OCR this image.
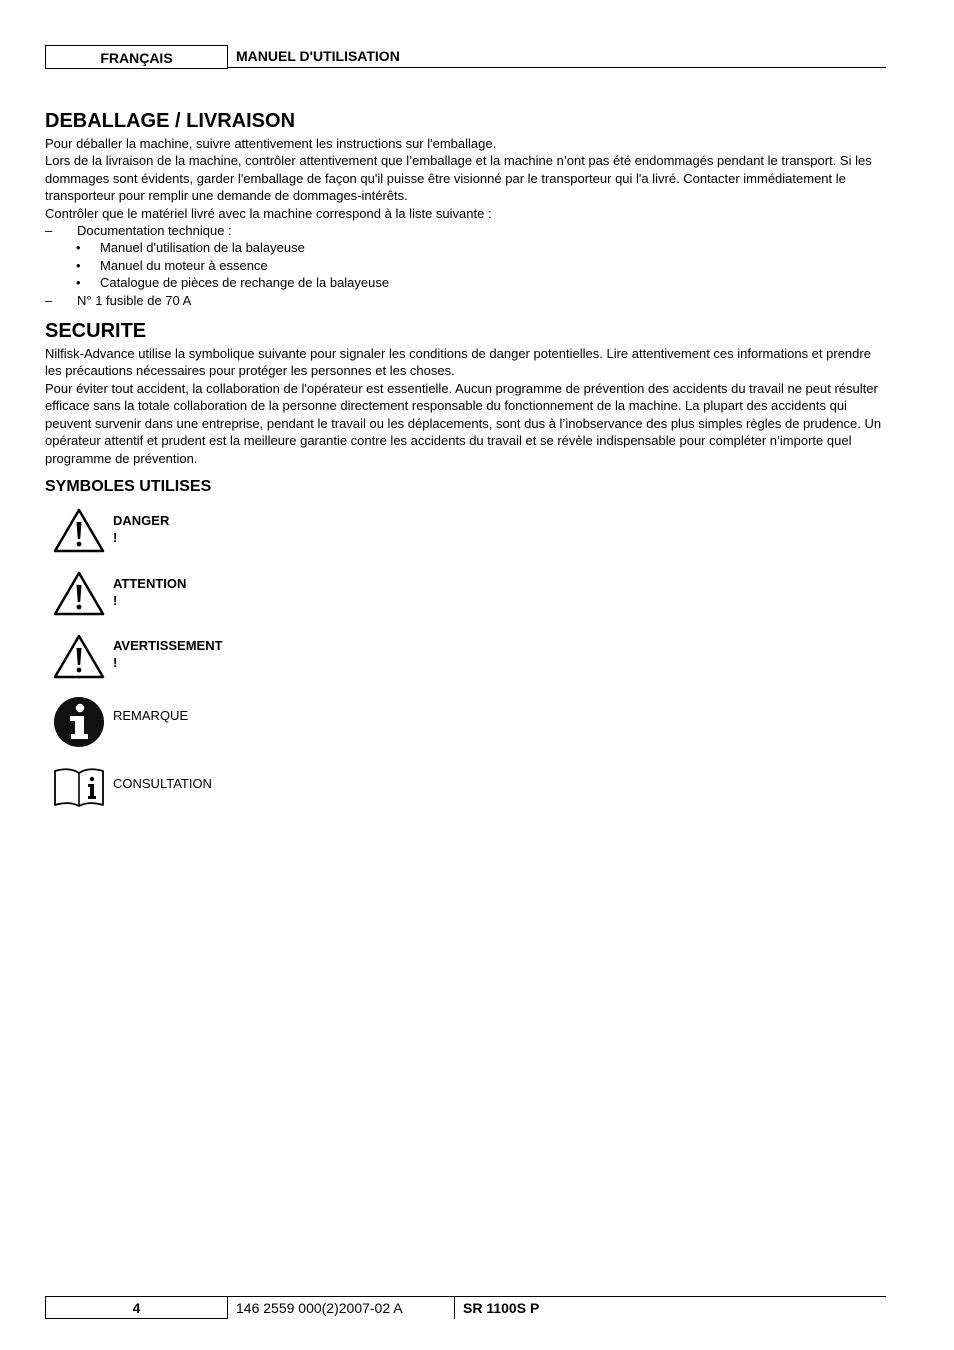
FRANÇAIS	MANUEL D'UTILISATION
DEBALLAGE / LIVRAISON

Pour déballer la machine, suivre attentivement les instructions sur l'emballage.

Lors de la livraison de la machine, contrôler attentivement que l’emballage et la machine n’ont pas été endommagés pendant le transport. Si les dommages sont évidents, garder l'emballage de façon qu'il puisse être visionné par le transporteur qui l'a livré. Contacter immédiatement le transporteur pour remplir une demande de dommages-intérêts.

Contrôler que le matériel livré avec la machine correspond à la liste suivante :

– Documentation technique :
• Manuel d'utilisation de la balayeuse
• Manuel du moteur à essence
• Catalogue de pièces de rechange de la balayeuse
– N° 1 fusible de 70 A
SECURITE

Nilfisk-Advance utilise la symbolique suivante pour signaler les conditions de danger potentielles. Lire attentivement ces informations et prendre les précautions nécessaires pour protéger les personnes et les choses.

Pour éviter tout accident, la collaboration de l'opérateur est essentielle. Aucun programme de prévention des accidents du travail ne peut résulter efficace sans la totale collaboration de la personne directement responsable du fonctionnement de la machine. La plupart des accidents qui peuvent survenir dans une entreprise, pendant le travail ou les déplacements, sont dus à l’inobservance des plus simples règles de prudence. Un opérateur attentif et prudent est la meilleure garantie contre les accidents du travail et se révèle indispensable pour compléter n’importe quel programme de prévention.

SYMBOLES UTILISES
DANGER !
ATTENTION !
AVERTISSEMENT !
REMARQUE
CONSULTATION
4	146 2559 000(2)2007-02 A	SR 1100S P
